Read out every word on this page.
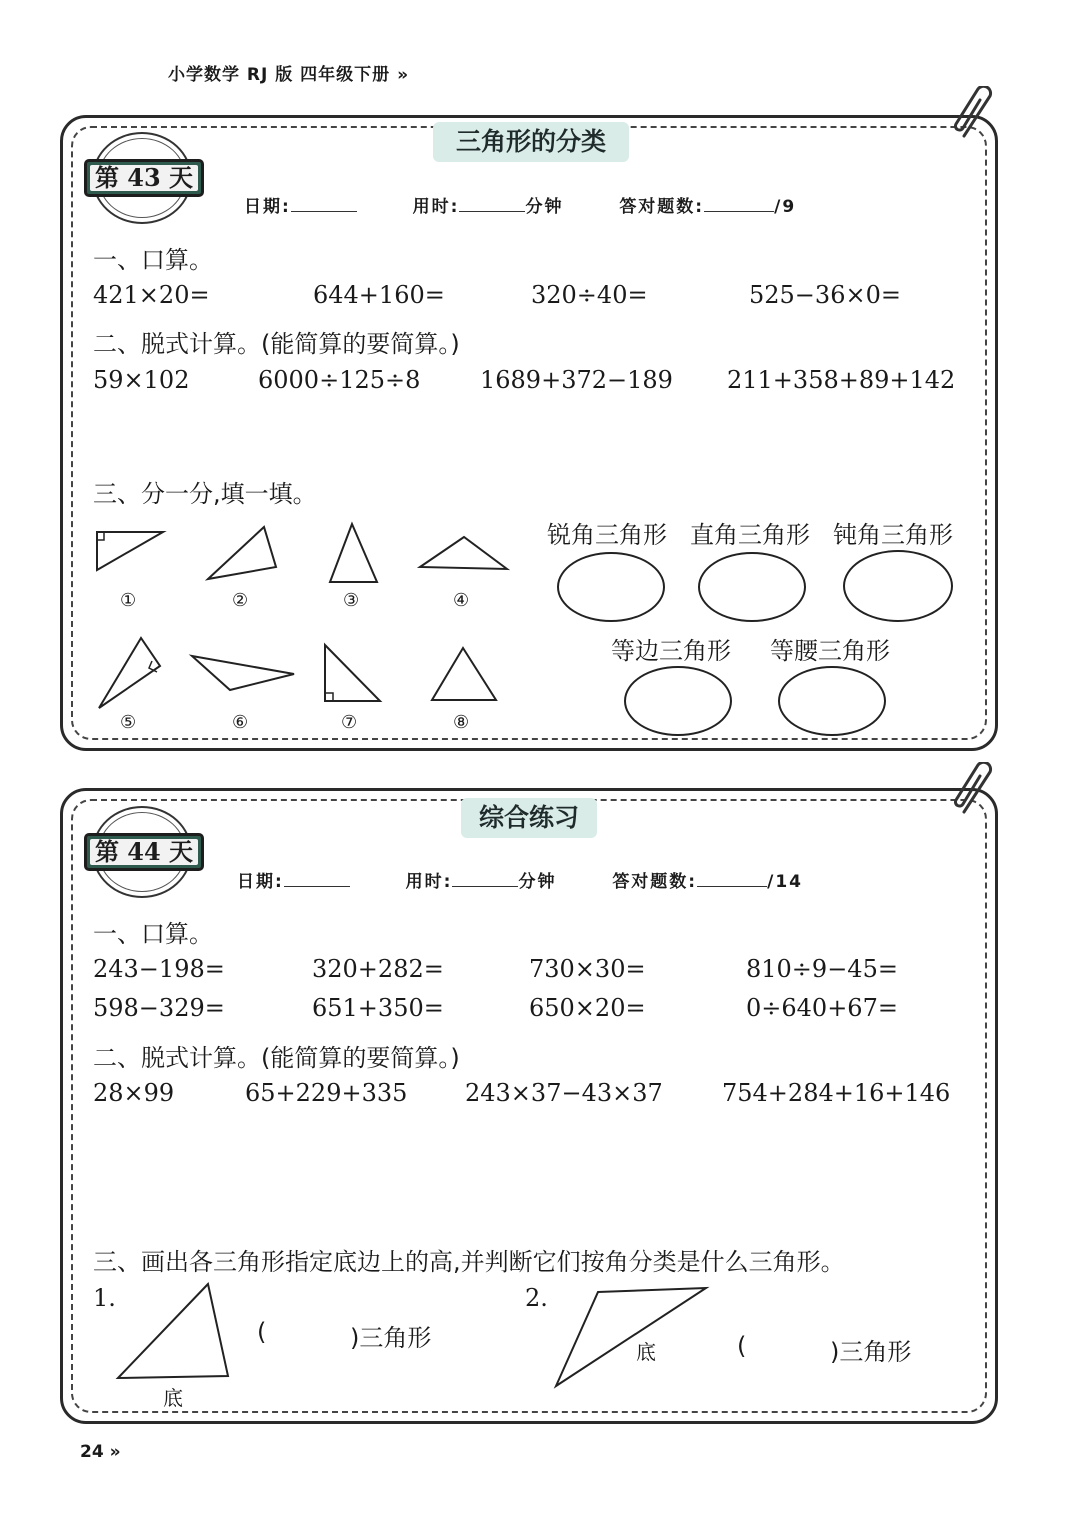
小学数学 RJ 版 四年级下册 »
24 »
三角形的分类
第 43 天
日期:	用时:	分钟	答对题数:	/9
一、口算。
421×20=	644+160=	320÷40=	525−36×0=
二、脱式计算。(能简算的要简算。)
59×102	6000÷125÷8 1689+372−189 211+358+89+142
三、分一分,填一填。
①	②	③	④
⑤	⑥	⑦	⑧
锐角三角形 直角三角形 钝角三角形
等边三角形 等腰三角形
综合练习
第 44 天
日期:	用时:	分钟	答对题数:	/14
一、口算。
243−198=	320+282=	730×30=	810÷9−45=
598−329=	651+350=	650×20=	0÷640+67=
二、脱式计算。(能简算的要简算。)
28×99	65+229+335 243×37−43×37 754+284+16+146
三、画出各三角形指定底边上的高,并判断它们按角分类是什么三角形。
1.
底
(	)三角形
2.
底	(	)三角形
